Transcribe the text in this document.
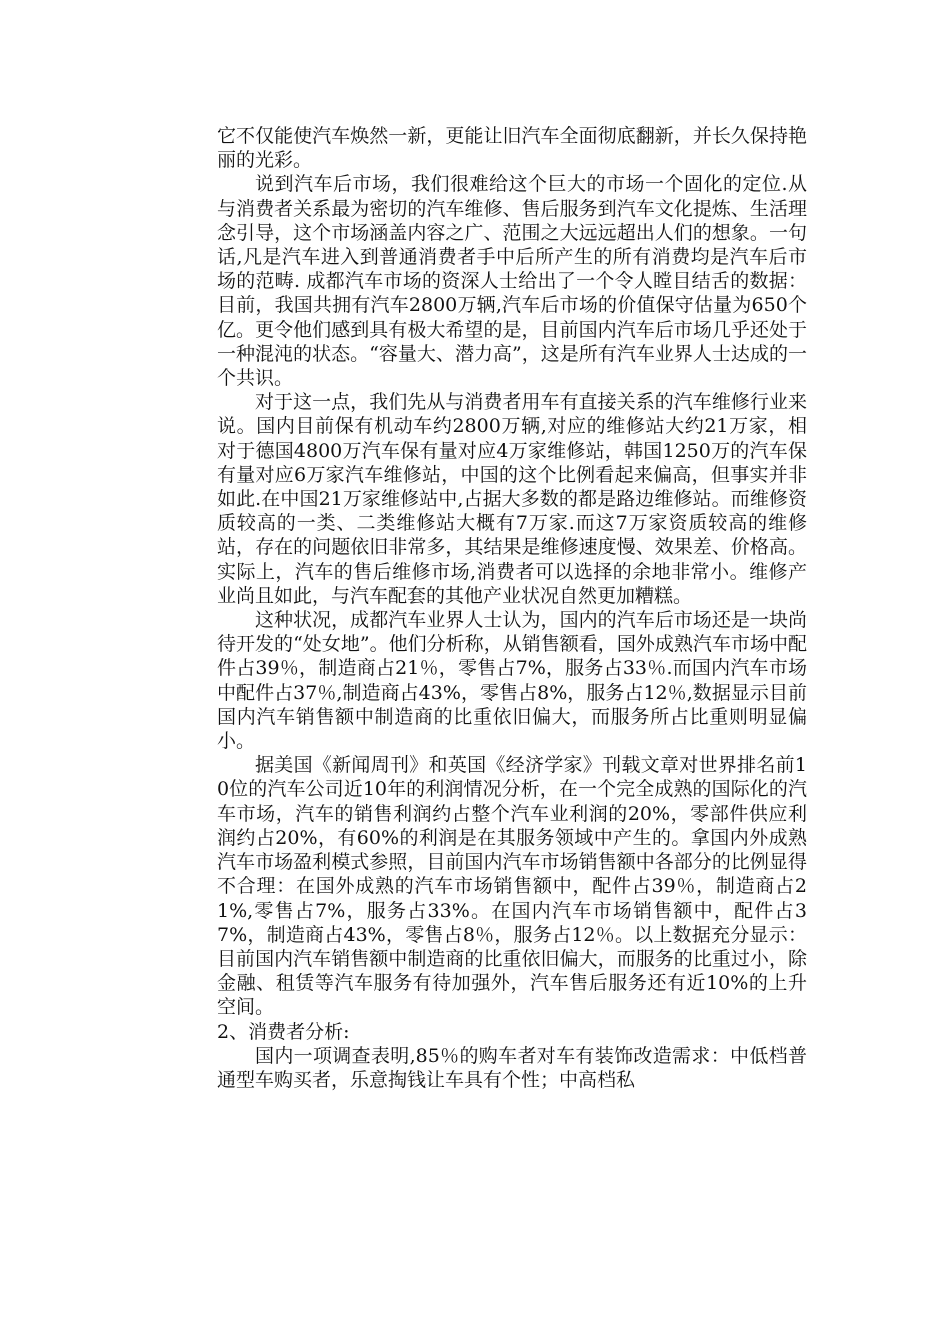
它不仅能使汽车焕然一新，更能让旧汽车全面彻底翻新，并长久保持艳丽的光彩。

说到汽车后市场，我们很难给这个巨大的市场一个固化的定位.从与消费者关系最为密切的汽车维修、售后服务到汽车文化提炼、生活理念引导，这个市场涵盖内容之广、范围之大远远超出人们的想象。一句话,凡是汽车进入到普通消费者手中后所产生的所有消费均是汽车后市场的范畴. 成都汽车市场的资深人士给出了一个令人瞠目结舌的数据：目前，我国共拥有汽车2800万辆,汽车后市场的价值保守估量为650个亿。更令他们感到具有极大希望的是，目前国内汽车后市场几乎还处于一种混沌的状态。“容量大、潜力高”，这是所有汽车业界人士达成的一个共识。

对于这一点，我们先从与消费者用车有直接关系的汽车维修行业来说。国内目前保有机动车约2800万辆,对应的维修站大约21万家，相对于德国4800万汽车保有量对应4万家维修站，韩国1250万的汽车保有量对应6万家汽车维修站，中国的这个比例看起来偏高，但事实并非如此.在中国21万家维修站中,占据大多数的都是路边维修站。而维修资质较高的一类、二类维修站大概有7万家.而这7万家资质较高的维修站，存在的问题依旧非常多，其结果是维修速度慢、效果差、价格高。实际上，汽车的售后维修市场,消费者可以选择的余地非常小。维修产业尚且如此，与汽车配套的其他产业状况自然更加糟糕。

这种状况，成都汽车业界人士认为，国内的汽车后市场还是一块尚待开发的“处女地”。他们分析称，从销售额看，国外成熟汽车市场中配件占39％，制造商占21％，零售占7%，服务占33％.而国内汽车市场中配件占37％,制造商占43%，零售占8%，服务占12％,数据显示目前国内汽车销售额中制造商的比重依旧偏大，而服务所占比重则明显偏小。

据美国《新闻周刊》和英国《经济学家》刊载文章对世界排名前10位的汽车公司近10年的利润情况分析，在一个完全成熟的国际化的汽车市场，汽车的销售利润约占整个汽车业利润的20%，零部件供应利润约占20%，有60%的利润是在其服务领域中产生的。拿国内外成熟汽车市场盈利模式参照，目前国内汽车市场销售额中各部分的比例显得不合理：在国外成熟的汽车市场销售额中，配件占39％，制造商占21%,零售占7%，服务占33%。在国内汽车市场销售额中，配件占37%，制造商占43%，零售占8％，服务占12％。以上数据充分显示：目前国内汽车销售额中制造商的比重依旧偏大，而服务的比重过小，除金融、租赁等汽车服务有待加强外，汽车售后服务还有近10%的上升空间。

2、消费者分析:

国内一项调查表明,85％的购车者对车有装饰改造需求：中低档普通型车购买者，乐意掏钱让车具有个性；中高档私
